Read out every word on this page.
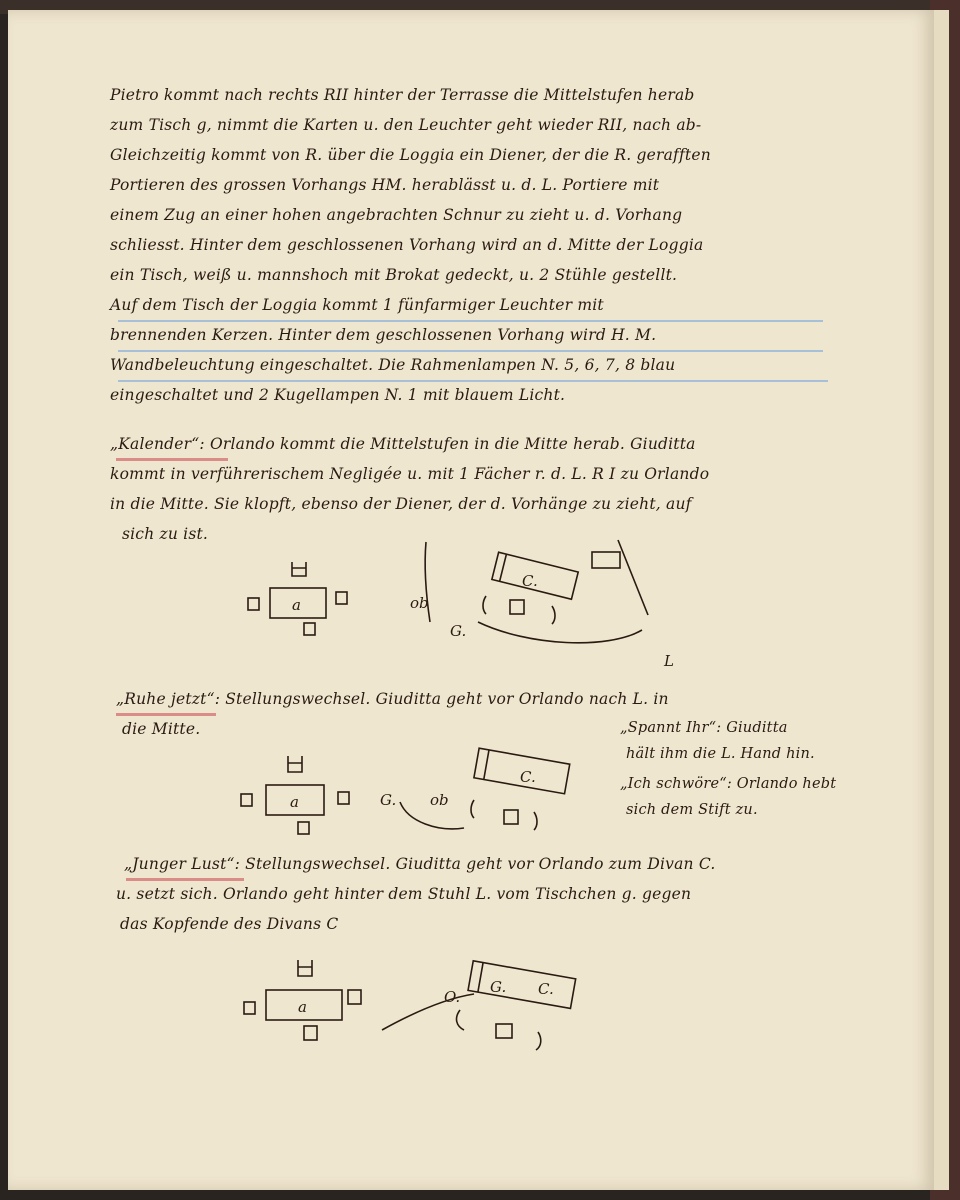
Pietro kommt nach rechts RII hinter der Terrasse die Mittelstufen herab
zum Tisch g, nimmt die Karten u. den Leuchter geht wieder RII, nach ab-
Gleichzeitig kommt von R. über die Loggia ein Diener, der die R. gerafften
Portieren des grossen Vorhangs HM. herablässt u. d. L. Portiere mit
einem Zug an einer hohen angebrachten Schnur zu zieht u. d. Vorhang
schliesst. Hinter dem geschlossenen Vorhang wird an d. Mitte der Loggia
ein Tisch, weiß u. mannshoch mit Brokat gedeckt, u. 2 Stühle gestellt.
Auf dem Tisch der Loggia kommt 1 fünfarmiger Leuchter mit
brennenden Kerzen. Hinter dem geschlossenen Vorhang wird H. M.
Wandbeleuchtung eingeschaltet. Die Rahmenlampen N. 5, 6, 7, 8 blau
eingeschaltet und 2 Kugellampen N. 1 mit blauem Licht.
„Kalender“: Orlando kommt die Mittelstufen in die Mitte herab. Giuditta
kommt in verführerischem Negligée u. mit 1 Fächer r. d. L. R I zu Orlando
in die Mitte. Sie klopft, ebenso der Diener, der d. Vorhänge zu zieht, auf
sich zu ist.
„Ruhe jetzt“: Stellungswechsel. Giuditta geht vor Orlando nach L. in
die Mitte.	„Spannt Ihr“: Giuditta
hält ihm die L. Hand hin.
„Ich schwöre“: Orlando hebt
sich dem Stift zu.
„Junger Lust“: Stellungswechsel. Giuditta geht vor Orlando zum Divan C.
u. setzt sich. Orlando geht hinter dem Stuhl L. vom Tischchen g. gegen
das Kopfende des Divans C
a	ob
C.
G.
L
a	G. ob
C.
a
G. C.
O.
